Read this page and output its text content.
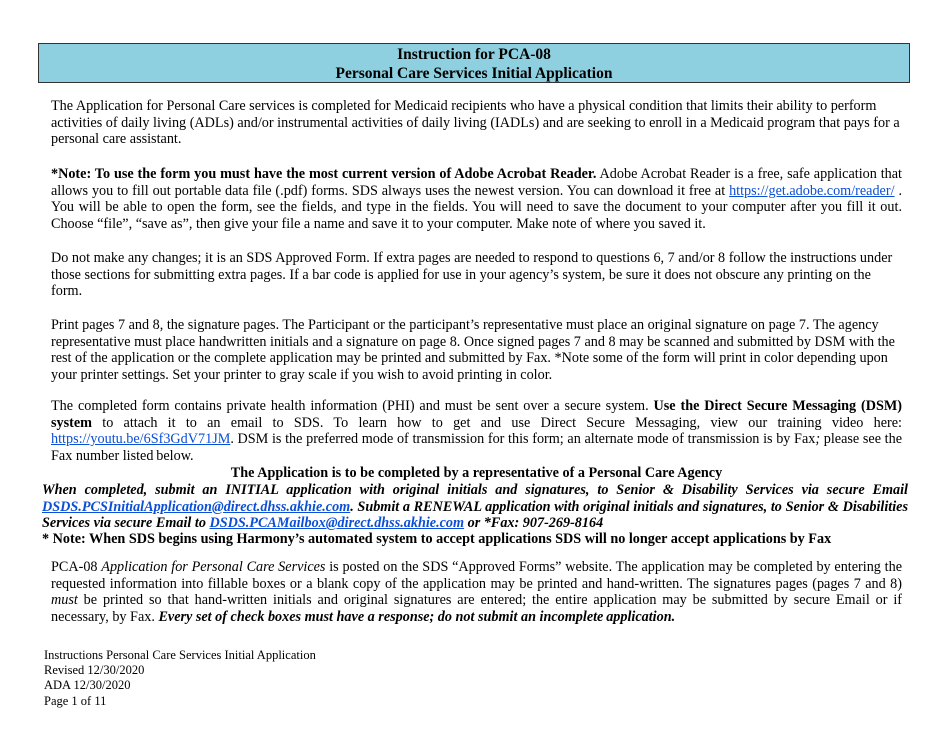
Instruction for PCA-08
Personal Care Services Initial Application

The Application for Personal Care services is completed for Medicaid recipients who have a physical condition that limits their ability to perform activities of daily living (ADLs) and/or instrumental activities of daily living (IADLs) and are seeking to enroll in a Medicaid program that pays for a personal care assistant.

*Note: To use the form you must have the most current version of Adobe Acrobat Reader. Adobe Acrobat Reader is a free, safe application that allows you to fill out portable data file (.pdf) forms. SDS always uses the newest version. You can download it free at https://get.adobe.com/reader/ . You will be able to open the form, see the fields, and type in the fields. You will need to save the document to your computer after you fill it out. Choose “file”, “save as”, then give your file a name and save it to your computer. Make note of where you saved it.

Do not make any changes; it is an SDS Approved Form. If extra pages are needed to respond to questions 6, 7 and/or 8 follow the instructions under those sections for submitting extra pages. If a bar code is applied for use in your agency’s system, be sure it does not obscure any printing on the form.

Print pages 7 and 8, the signature pages. The Participant or the participant’s representative must place an original signature on page 7. The agency representative must place handwritten initials and a signature on page 8. Once signed pages 7 and 8 may be scanned and submitted by DSM with the rest of the application or the complete application may be printed and submitted by Fax. *Note some of the form will print in color depending upon your printer settings. Set your printer to gray scale if you wish to avoid printing in color.

The completed form contains private health information (PHI) and must be sent over a secure system. Use the Direct Secure Messaging (DSM) system to attach it to an email to SDS. To learn how to get and use Direct Secure Messaging, view our training video here: https://youtu.be/6Sf3GdV71JM. DSM is the preferred mode of transmission for this form; an alternate mode of transmission is by Fax; please see the Fax number listed below.

The Application is to be completed by a representative of a Personal Care Agency

When completed, submit an INITIAL application with original initials and signatures, to Senior & Disability Services via secure Email DSDS.PCSInitialApplication@direct.dhss.akhie.com. Submit a RENEWAL application with original initials and signatures, to Senior & Disabilities Services via secure Email to DSDS.PCAMailbox@direct.dhss.akhie.com or *Fax: 907-269-8164

* Note: When SDS begins using Harmony’s automated system to accept applications SDS will no longer accept applications by Fax

PCA-08 Application for Personal Care Services is posted on the SDS “Approved Forms” website. The application may be completed by entering the requested information into fillable boxes or a blank copy of the application may be printed and hand-written. The signatures pages (pages 7 and 8) must be printed so that hand-written initials and original signatures are entered; the entire application may be submitted by secure Email or if necessary, by Fax. Every set of check boxes must have a response; do not submit an incomplete application.

Instructions Personal Care Services Initial Application
Revised 12/30/2020
ADA 12/30/2020
Page 1 of 11
